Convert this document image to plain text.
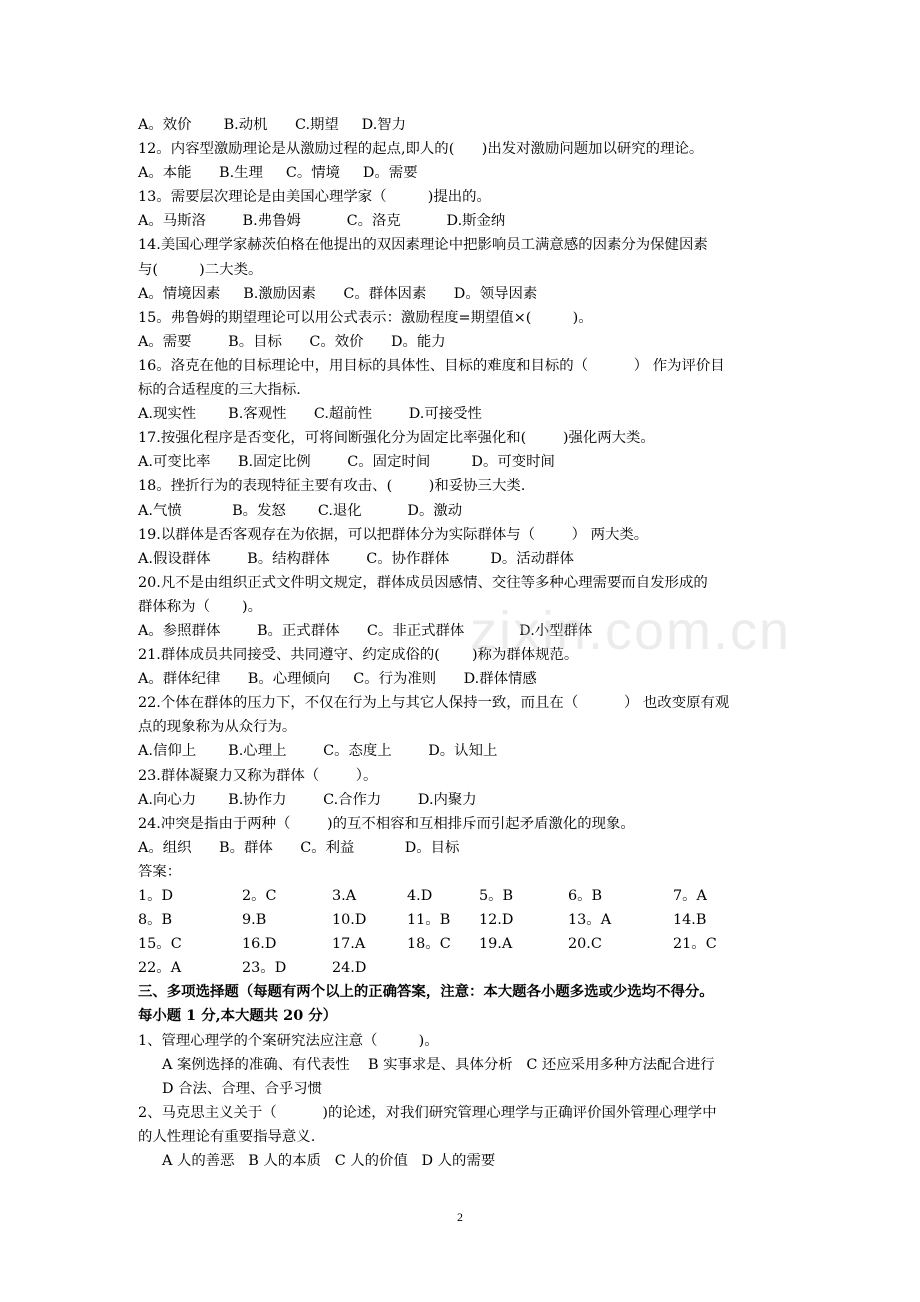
A。效价       B.动机      C.期望     D.智力
12。内容型激励理论是从激励过程的起点,即人的(      )出发对激励问题加以研究的理论。
A。本能      B.生理     C。情境     D。需要
13。需要层次理论是由美国心理学家（         )提出的。
A。马斯洛        B.弗鲁姆          C。洛克          D.斯金纳
14.美国心理学家赫茨伯格在他提出的双因素理论中把影响员工满意感的因素分为保健因素
与(         )二大类。
A。情境因素     B.激励因素      C。群体因素      D。领导因素
15。弗鲁姆的期望理论可以用公式表示：激励程度=期望值×(         )。
A。需要        B。目标      C。效价      D。能力
16。洛克在他的目标理论中，用目标的具体性、目标的难度和目标的（          ） 作为评价目
标的合适程度的三大指标.
A.现实性       B.客观性      C.超前性        D.可接受性
17.按强化程序是否变化，可将间断强化分为固定比率强化和(        )强化两大类。
A.可变比率      B.固定比例        C。固定时间         D。可变时间
18。挫折行为的表现特征主要有攻击、(        )和妥协三大类.
A.气愤           B。发怒       C.退化          D。激动
19.以群体是否客观存在为依据，可以把群体分为实际群体与（        ） 两大类。
A.假设群体        B。结构群体        C。协作群体         D。活动群体
20.凡不是由组织正式文件明文规定，群体成员因感情、交往等多种心理需要而自发形成的
群体称为（       )。
A。参照群体        B。正式群体      C。非正式群体            D.小型群体
21.群体成员共同接受、共同遵守、约定成俗的(       )称为群体规范。
A。群体纪律      B。心理倾向     C。行为准则      D.群体情感
22.个体在群体的压力下，不仅在行为上与其它人保持一致，而且在（          ） 也改变原有观
点的现象称为从众行为。
A.信仰上       B.心理上        C。态度上        D。认知上
23.群体凝聚力又称为群体（        ）。
A.向心力       B.协作力        C.合作力        D.内聚力
24.冲突是指由于两种（        )的互不相容和互相排斥而引起矛盾激化的现象。
A。组织      B。群体      C。利益           D。目标
答案：
1。D	2。C	3.A	4.D	5。B	6。B	7。A
8。B	9.B	10.D	11。B 12.D	13。A	14.B
15。C	16.D	17.A	18。C 19.A	20.C	21。C
22。A	23。D	24.D
三、多项选择题（每题有两个以上的正确答案，注意：本大题各小题多选或少选均不得分。
每小题 1 分,本大题共 20 分）
1、管理心理学的个案研究法应注意（         )。
A 案例选择的准确、有代表性    B 实事求是、具体分析   C 还应采用多种方法配合进行
D 合法、合理、合乎习惯
2、马克思主义关于（          )的论述，对我们研究管理心理学与正确评价国外管理心理学中
的人性理论有重要指导意义.
A 人的善恶   B 人的本质   C 人的价值   D 人的需要
zixin.com.cn
2
